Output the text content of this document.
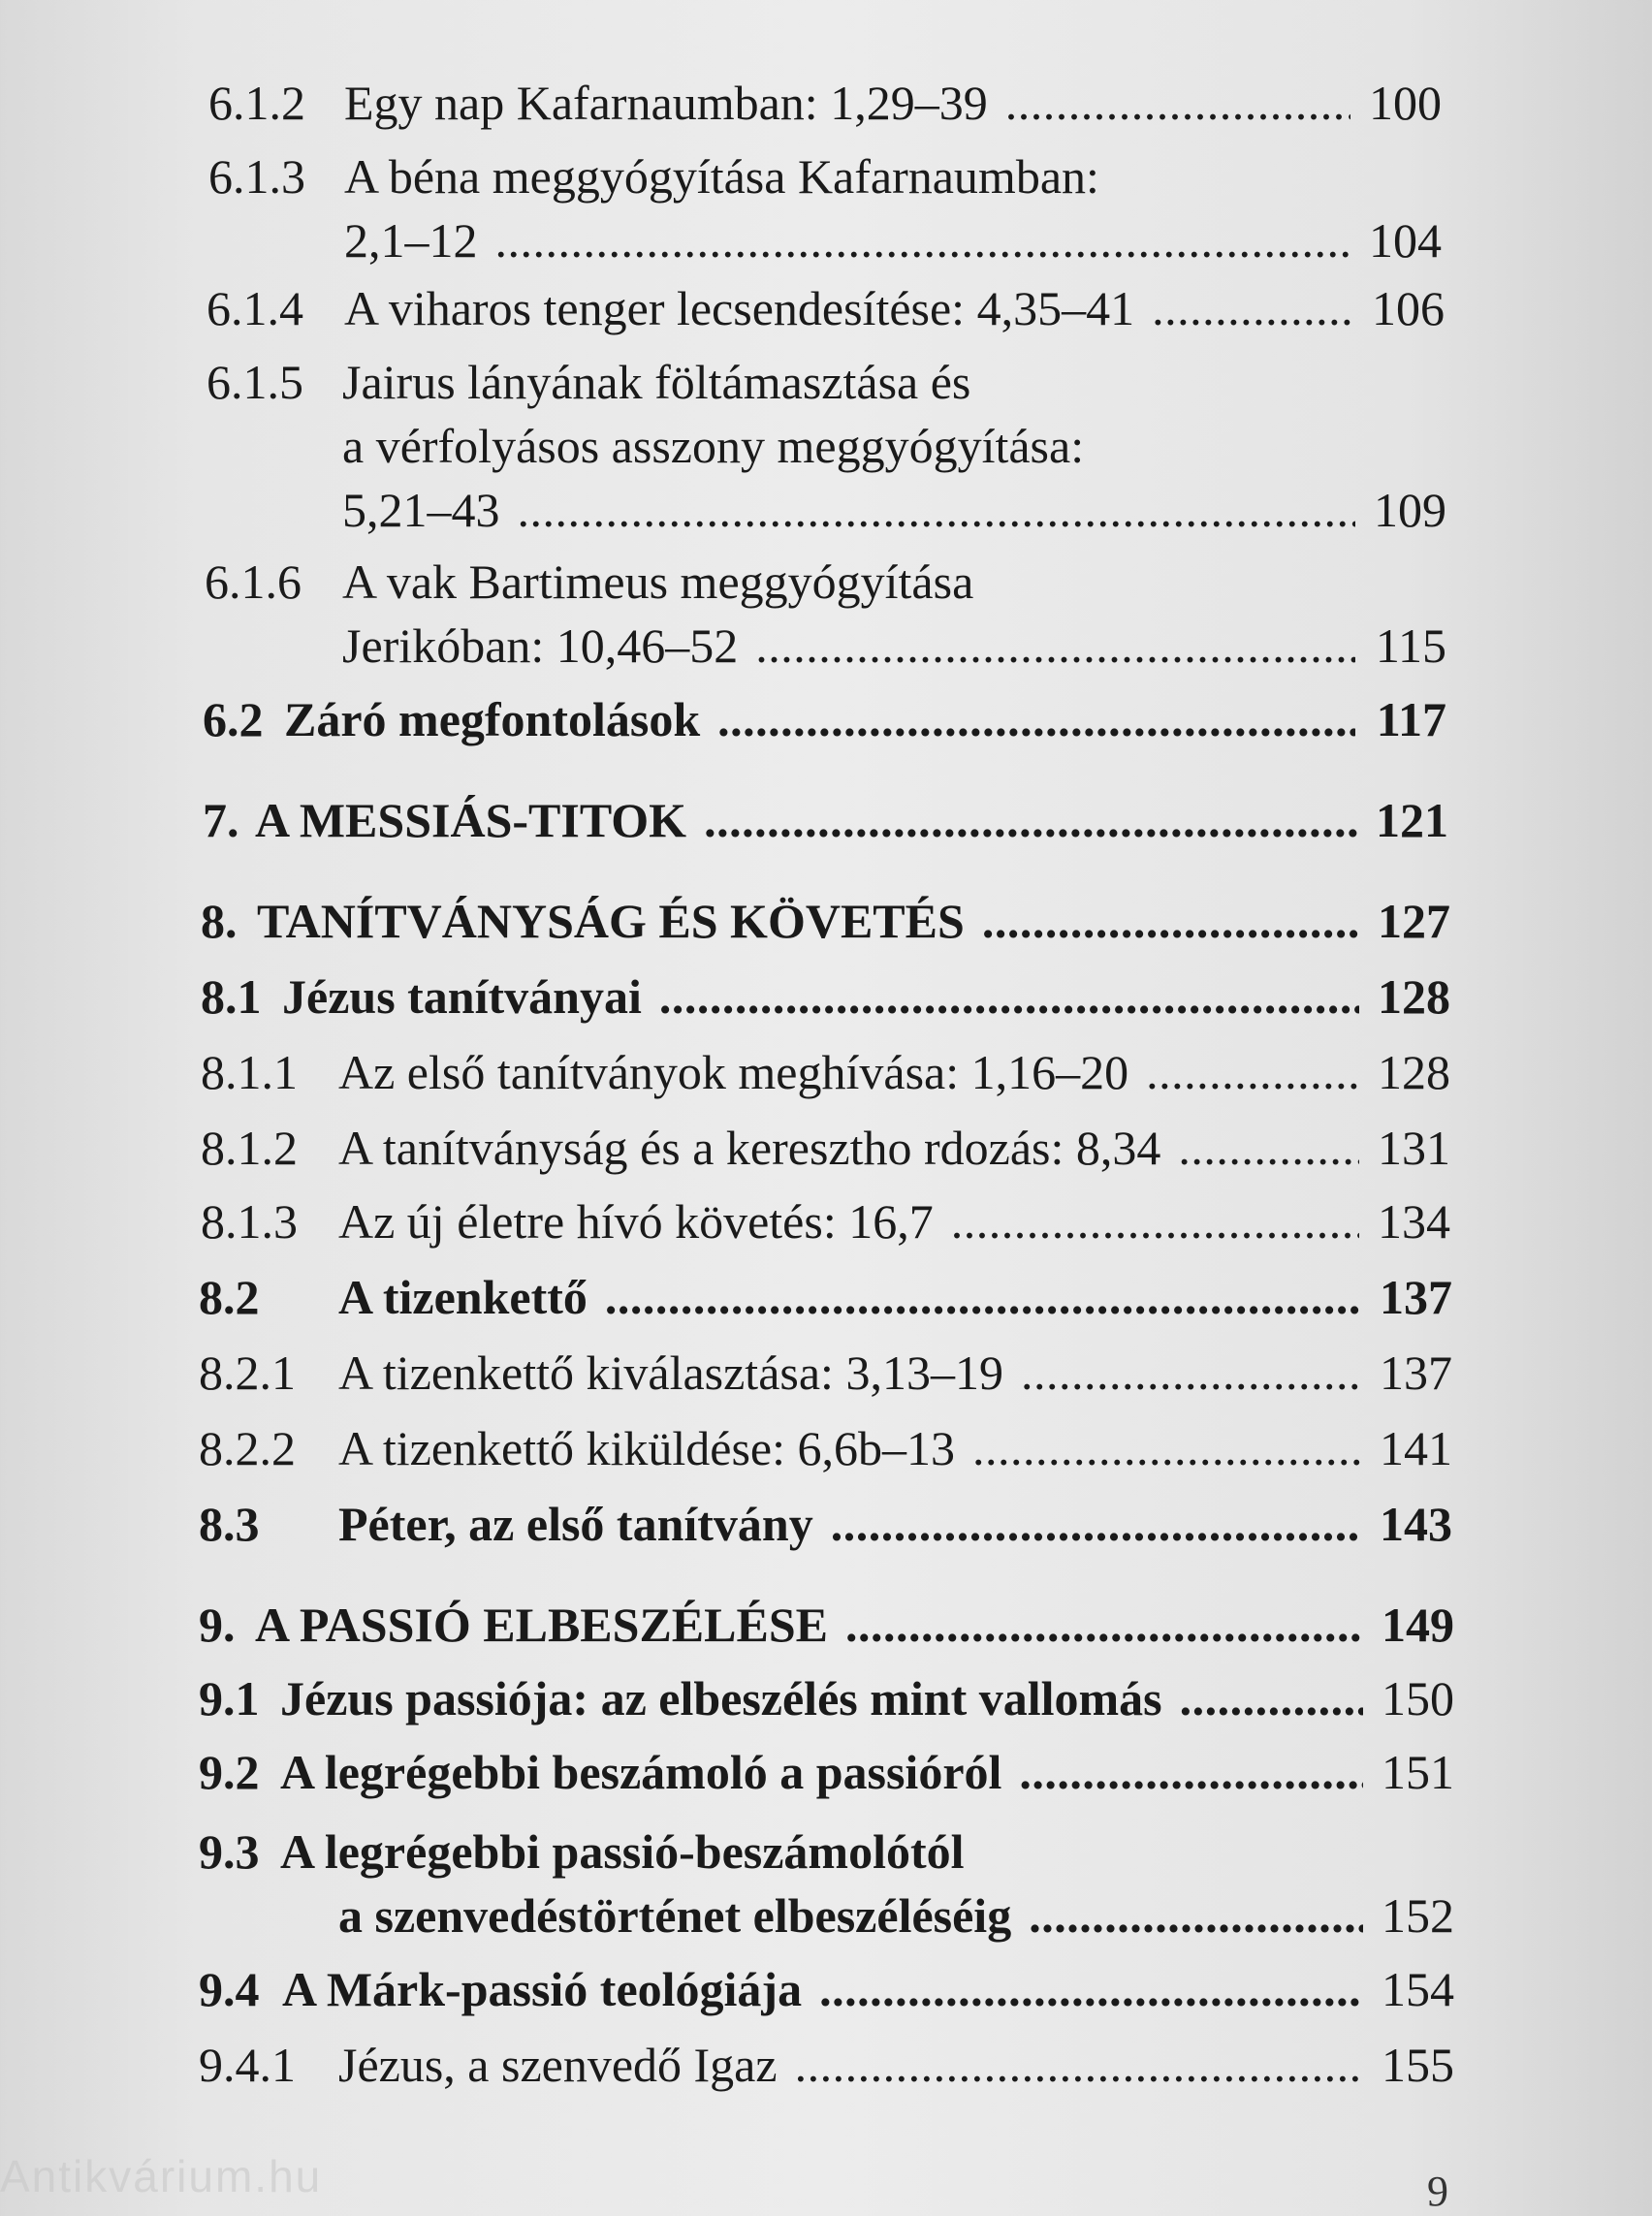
6.1.2 Egy nap Kafarnaumban: 1,29–39 . . .	100
6.1.3 A béna meggyógyítása Kafarnaumban:
2,1–12 . . .	104
6.1.4 A viharos tenger lecsendesítése: 4,35–41 . . .	106
6.1.5 Jairus lányának föltámasztása és
a vérfolyásos asszony meggyógyítása:
5,21–43 . . .	109
6.1.6 A vak Bartimeus meggyógyítása
Jerikóban: 10,46–52 . . .	115
6.2 Záró megfontolások . . .	117
7. A MESSIÁS-TITOK . . .	121
8. TANÍTVÁNYSÁG ÉS KÖVETÉS . . .	127
8.1 Jézus tanítványai . . .	128
8.1.1 Az első tanítványok meghívása: 1,16–20 . . .	128
8.1.2 A tanítványság és a keresztho rdozás: 8,34 . . .	131
8.1.3 Az új életre hívó követés: 16,7 . . .	134
8.2 A tizenkettő . . .	137
8.2.1 A tizenkettő kiválasztása: 3,13–19 . . .	137
8.2.2 A tizenkettő kiküldése: 6,6b–13 . . .	141
8.3 Péter, az első tanítvány . . .	143
9. A PASSIÓ ELBESZÉLÉSE . . .	149
9.1 Jézus passiója: az elbeszélés mint vallomás . . .	150
9.2 A legrégebbi beszámoló a passióról . . .	151
9.3 A legrégebbi passió-beszámolótól
a szenvedéstörténet elbeszéléséig . . .	152
9.4 A Márk-passió teológiája . . .	154
9.4.1 Jézus, a szenvedő Igaz . . .	155
Antikvárium.hu	9
